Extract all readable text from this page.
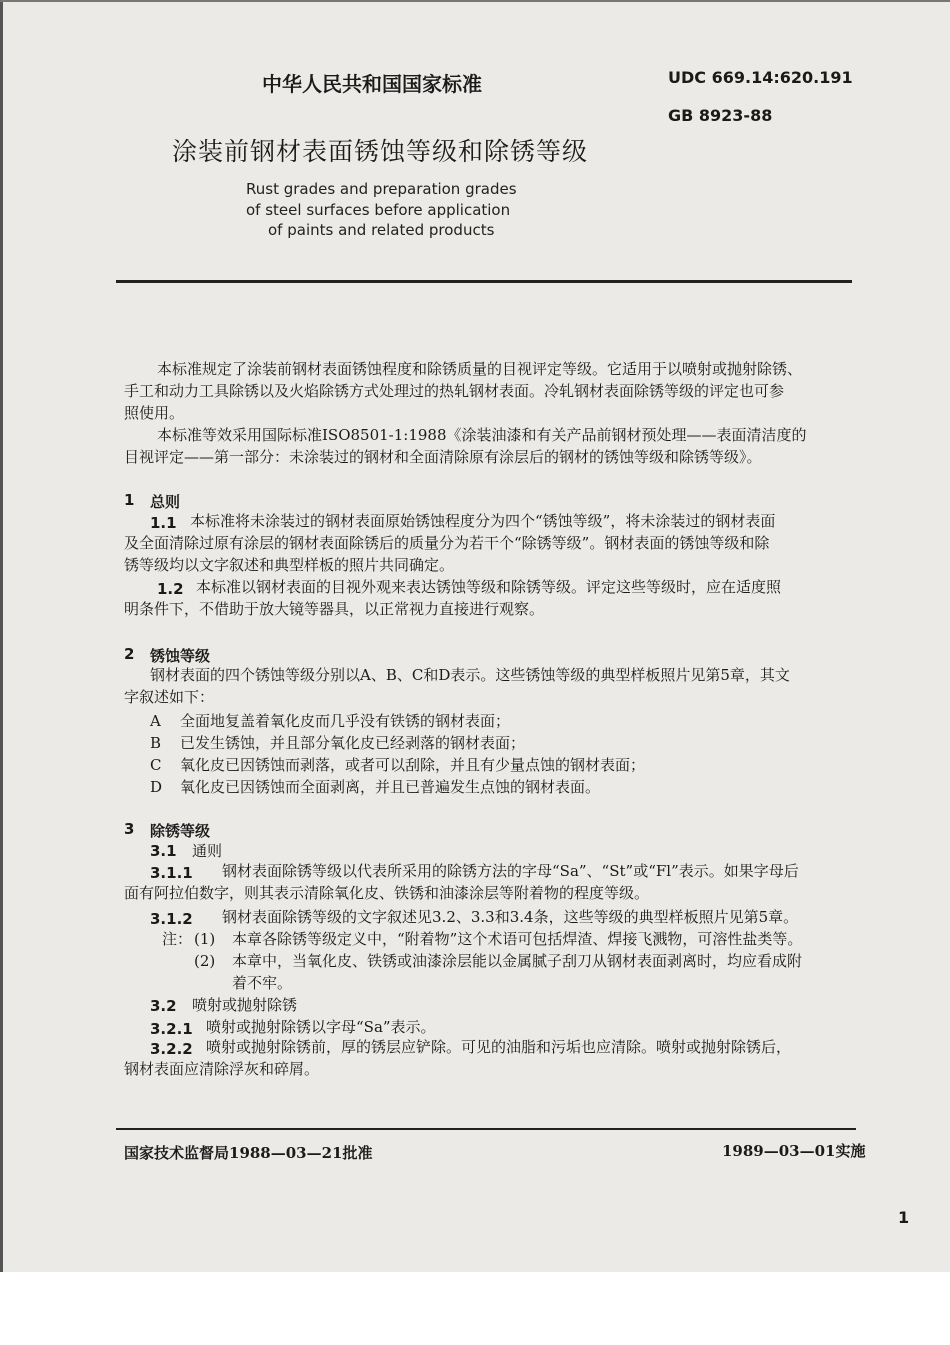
中华人民共和国国家标准	UDC 669.14:620.191
GB 8923-88
涂装前钢材表面锈蚀等级和除锈等级
Rust grades and preparation grades
of steel surfaces before application
of paints and related products
本标准规定了涂装前钢材表面锈蚀程度和除锈质量的目视评定等级。它适用于以喷射或抛射除锈、
手工和动力工具除锈以及火焰除锈方式处理过的热轧钢材表面。冷轧钢材表面除锈等级的评定也可参
照使用。
本标准等效采用国际标准ISO8501-1:1988《涂装油漆和有关产品前钢材预处理——表面清洁度的
目视评定——第一部分：未涂装过的钢材和全面清除原有涂层后的钢材的锈蚀等级和除锈等级》。
1 总则
1.1 本标准将未涂装过的钢材表面原始锈蚀程度分为四个“锈蚀等级”，将未涂装过的钢材表面
及全面清除过原有涂层的钢材表面除锈后的质量分为若干个“除锈等级”。钢材表面的锈蚀等级和除
锈等级均以文字叙述和典型样板的照片共同确定。
1.2 本标准以钢材表面的目视外观来表达锈蚀等级和除锈等级。评定这些等级时，应在适度照
明条件下，不借助于放大镜等器具，以正常视力直接进行观察。
2 锈蚀等级
钢材表面的四个锈蚀等级分别以A、B、C和D表示。这些锈蚀等级的典型样板照片见第5章，其文
字叙述如下：
A 全面地复盖着氧化皮而几乎没有铁锈的钢材表面；
B 已发生锈蚀，并且部分氧化皮已经剥落的钢材表面；
C 氧化皮已因锈蚀而剥落，或者可以刮除，并且有少量点蚀的钢材表面；
D 氧化皮已因锈蚀而全面剥离，并且已普遍发生点蚀的钢材表面。
3 除锈等级
3.1 通则
3.1.1 钢材表面除锈等级以代表所采用的除锈方法的字母“Sa”、“St”或“Fl”表示。如果字母后
面有阿拉伯数字，则其表示清除氧化皮、铁锈和油漆涂层等附着物的程度等级。
3.1.2 钢材表面除锈等级的文字叙述见3.2、3.3和3.4条，这些等级的典型样板照片见第5章。
注： (1) 本章各除锈等级定义中，“附着物”这个术语可包括焊渣、焊接飞溅物，可溶性盐类等。
(2) 本章中，当氧化皮、铁锈或油漆涂层能以金属腻子刮刀从钢材表面剥离时，均应看成附
着不牢。
3.2 喷射或抛射除锈
3.2.1 喷射或抛射除锈以字母“Sa”表示。
3.2.2 喷射或抛射除锈前，厚的锈层应铲除。可见的油脂和污垢也应清除。喷射或抛射除锈后，
钢材表面应清除浮灰和碎屑。
国家技术监督局1988—03—21批准	1989—03—01实施
1
